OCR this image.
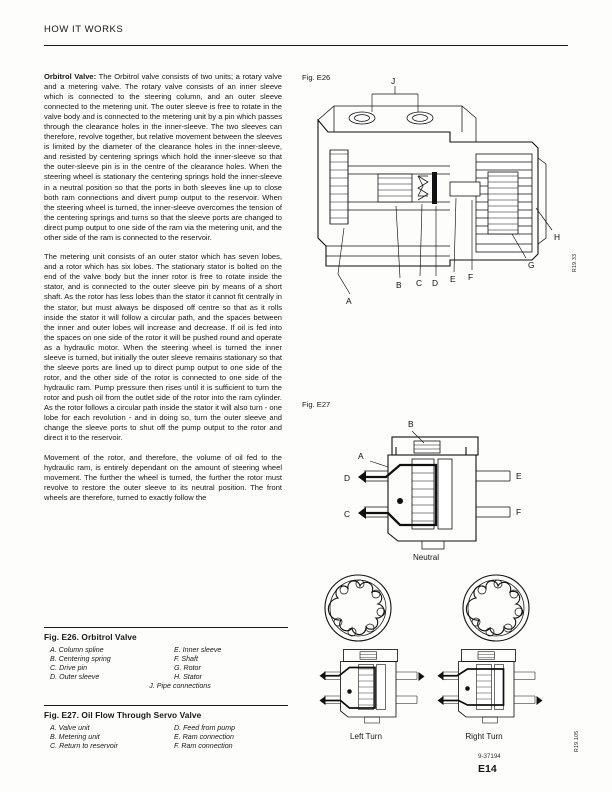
HOW IT WORKS

Orbitrol Valve: The Orbitrol valve consists of two units; a rotary valve and a metering valve. The rotary valve consists of an inner sleeve which is connected to the steering column, and an outer sleeve connected to the metering unit. The outer sleeve is free to rotate in the valve body and is connected to the metering unit by a pin which passes through the clearance holes in the inner-sleeve. The two sleeves can therefore, revolve together, but relative movement between the sleeves is limited by the diameter of the clearance holes in the inner-sleeve, and resisted by centering springs which hold the inner-sleeve so that the outer-sleeve pin is in the centre of the clearance holes. When the steering wheel is stationary the centering springs hold the inner-sleeve in a neutral position so that the ports in both sleeves line up to close both ram connections and divert pump output to the reservoir. When the steering wheel is turned, the inner-sleeve overcomes the tension of the centering springs and turns so that the sleeve ports are changed to direct pump output to one side of the ram via the metering unit, and the other side of the ram is connected to the reservoir.

The metering unit consists of an outer stator which has seven lobes, and a rotor which has six lobes. The stationary stator is bolted on the end of the valve body but the inner rotor is free to rotate inside the stator, and is connected to the outer sleeve pin by means of a short shaft. As the rotor has less lobes than the stator it cannot fit centrally in the stator, but must always be disposed off centre so that as it rolls inside the stator it will follow a circular path, and the spaces between the inner and outer lobes will increase and decrease. If oil is fed into the spaces on one side of the rotor it will be pushed round and operate as a hydraulic motor. When the steering wheel is turned the inner sleeve is turned, but initially the outer sleeve remains stationary so that the sleeve ports are lined up to direct pump output to one side of the rotor, and the other side of the rotor is connected to one side of the hydraulic ram. Pump pressure then rises until it is sufficient to turn the rotor and push oil from the outlet side of the rotor into the ram cylinder. As the rotor follows a circular path inside the stator it will also turn - one lobe for each revolution - and in doing so, turn the outer sleeve and change the sleeve ports to shut off the pump output to the rotor and direct it to the reservoir.

Movement of the rotor, and therefore, the volume of oil fed to the hydraulic ram, is entirely dependant on the amount of steering wheel movement. The further the wheel is turned, the further the rotor must revolve to restore the outer sleeve to its neutral position. The front wheels are therefore, turned to exactly follow the

Fig. E26. Orbitrol Valve
A. Column spline
B. Centering spring
C. Drive pin
D. Outer sleeve
E. Inner sleeve
F. Shaft
G. Rotor
H. Stator
J. Pipe connections
Fig. E27. Oil Flow Through Servo Valve
A. Valve unit
B. Metering unit
C. Return to reservoir
D. Feed from pump
E. Ram connection
F. Ram connection
Fig. E26
R19.33
J
A
B C D E F
G
H
Fig. E27
R19.105
A
B
D
C
E
F
Neutral
Left Turn	Right Turn
9-37194
E14
